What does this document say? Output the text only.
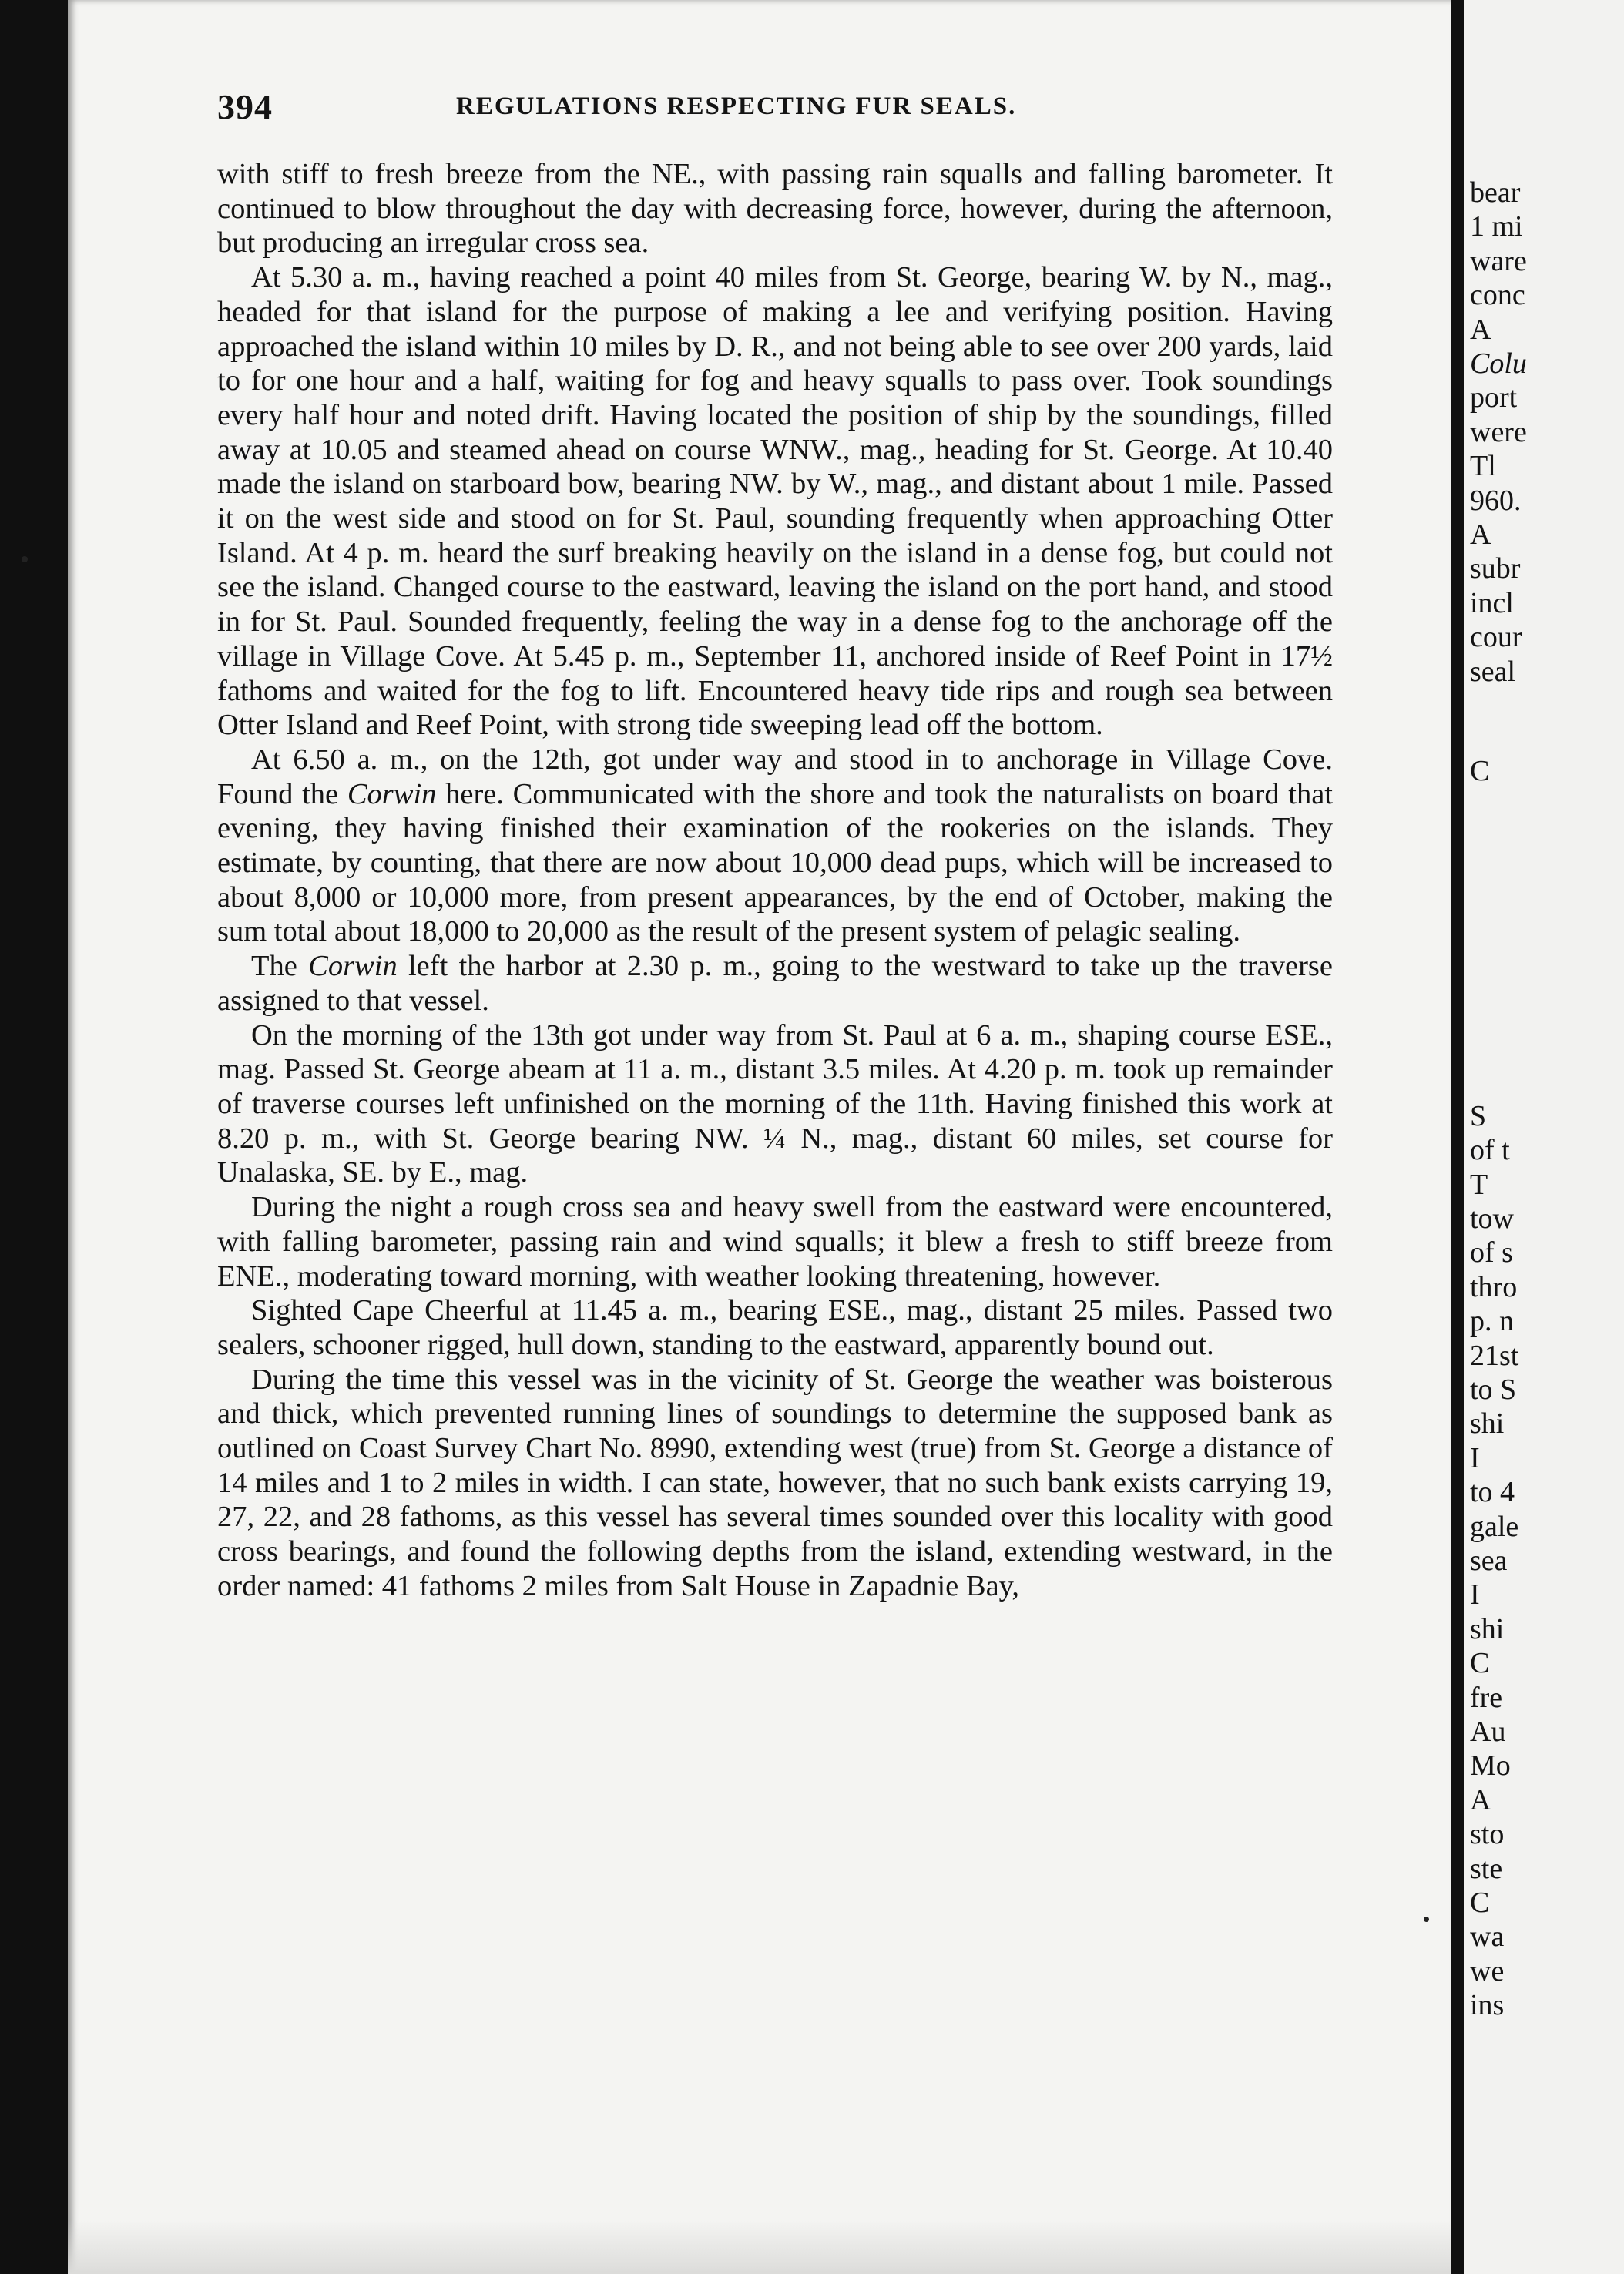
394	REGULATIONS RESPECTING FUR SEALS.

with stiff to fresh breeze from the NE., with passing rain squalls and falling barometer. It continued to blow throughout the day with decreasing force, however, during the afternoon, but producing an irregular cross sea.

At 5.30 a. m., having reached a point 40 miles from St. George, bearing W. by N., mag., headed for that island for the purpose of making a lee and verifying position. Having approached the island within 10 miles by D. R., and not being able to see over 200 yards, laid to for one hour and a half, waiting for fog and heavy squalls to pass over. Took soundings every half hour and noted drift. Having located the position of ship by the soundings, filled away at 10.05 and steamed ahead on course WNW., mag., heading for St. George. At 10.40 made the island on starboard bow, bearing NW. by W., mag., and distant about 1 mile. Passed it on the west side and stood on for St. Paul, sounding frequently when approaching Otter Island. At 4 p. m. heard the surf breaking heavily on the island in a dense fog, but could not see the island. Changed course to the eastward, leaving the island on the port hand, and stood in for St. Paul. Sounded frequently, feeling the way in a dense fog to the anchorage off the village in Village Cove. At 5.45 p. m., September 11, anchored inside of Reef Point in 17½ fathoms and waited for the fog to lift. Encountered heavy tide rips and rough sea between Otter Island and Reef Point, with strong tide sweeping lead off the bottom.

At 6.50 a. m., on the 12th, got under way and stood in to anchorage in Village Cove. Found the Corwin here. Communicated with the shore and took the naturalists on board that evening, they having finished their examination of the rookeries on the islands. They estimate, by counting, that there are now about 10,000 dead pups, which will be increased to about 8,000 or 10,000 more, from present appearances, by the end of October, making the sum total about 18,000 to 20,000 as the result of the present system of pelagic sealing.

The Corwin left the harbor at 2.30 p. m., going to the westward to take up the traverse assigned to that vessel.

On the morning of the 13th got under way from St. Paul at 6 a. m., shaping course ESE., mag. Passed St. George abeam at 11 a. m., distant 3.5 miles. At 4.20 p. m. took up remainder of traverse courses left unfinished on the morning of the 11th. Having finished this work at 8.20 p. m., with St. George bearing NW. ¼ N., mag., distant 60 miles, set course for Unalaska, SE. by E., mag.

During the night a rough cross sea and heavy swell from the eastward were encountered, with falling barometer, passing rain and wind squalls; it blew a fresh to stiff breeze from ENE., moderating toward morning, with weather looking threatening, however.

Sighted Cape Cheerful at 11.45 a. m., bearing ESE., mag., distant 25 miles. Passed two sealers, schooner rigged, hull down, standing to the eastward, apparently bound out.

During the time this vessel was in the vicinity of St. George the weather was boisterous and thick, which prevented running lines of soundings to determine the supposed bank as outlined on Coast Survey Chart No. 8990, extending west (true) from St. George a distance of 14 miles and 1 to 2 miles in width. I can state, however, that no such bank exists carrying 19, 27, 22, and 28 fathoms, as this vessel has several times sounded over this locality with good cross bearings, and found the following depths from the island, extending westward, in the order named: 41 fathoms 2 miles from Salt House in Zapadnie Bay,

bear
1 mi
ware
conc
A
Colu
port
were
Tl
960.
A
subr
incl
cour
seal
C
S
of t
T
tow
of s
thro
p. n
21st
to S
shi
I
to 4
gale
sea
I
shi
C
fre
Au
Mo
A
sto
ste
C
wa
we
ins
